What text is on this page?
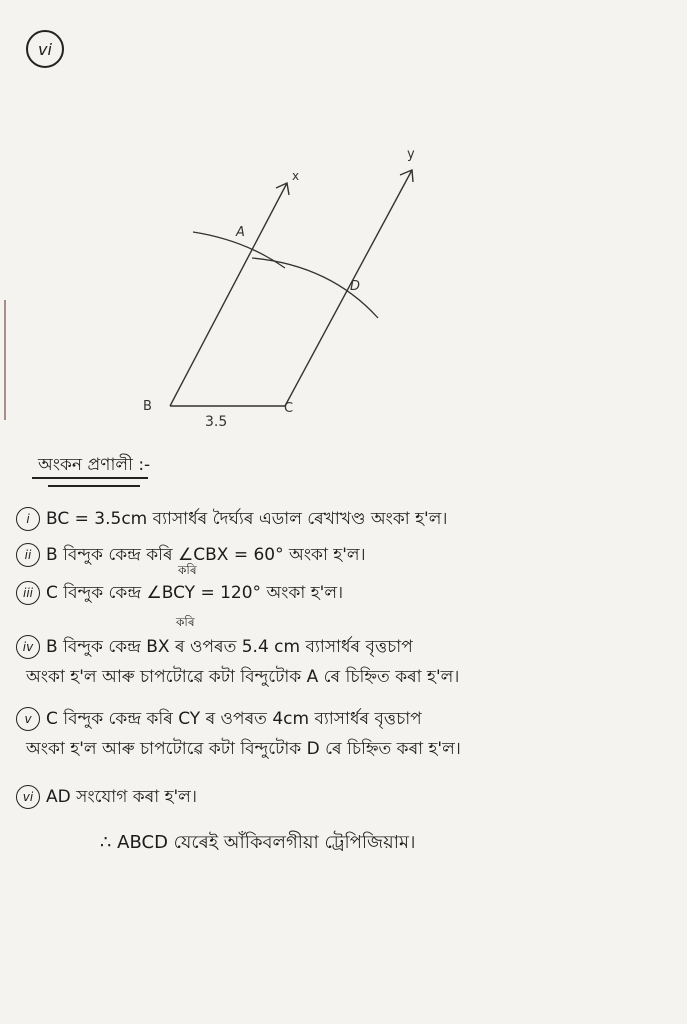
vi
x
y
A
D
B	C
3.5
অংকন প্ৰণালী :-
i BC = 3.5cm ব্যাসাৰ্ধৰ দৈৰ্ঘ্যৰ এডাল ৰেখাখণ্ড অংকা হ'ল।
ii B বিন্দুক কেন্দ্ৰ কৰি ∠CBX = 60° অংকা হ'ল।
কৰি
iii C বিন্দুক কেন্দ্ৰ ∠BCY = 120° অংকা হ'ল।
কৰি
iv B বিন্দুক কেন্দ্ৰ BX ৰ ওপৰত 5.4 cm ব্যাসাৰ্ধৰ বৃত্তচাপ
অংকা হ'ল আৰু চাপটোৱে কটা বিন্দুটোক A ৰে চিহ্নিত কৰা হ'ল।
v C বিন্দুক কেন্দ্ৰ কৰি CY ৰ ওপৰত 4cm ব্যাসাৰ্ধৰ বৃত্তচাপ
অংকা হ'ল আৰু চাপটোৱে কটা বিন্দুটোক D ৰে চিহ্নিত কৰা হ'ল।
vi AD সংযোগ কৰা হ'ল।
∴ ABCD যেৰেই আঁকিবলগীয়া ট্ৰেপিজিয়াম।
